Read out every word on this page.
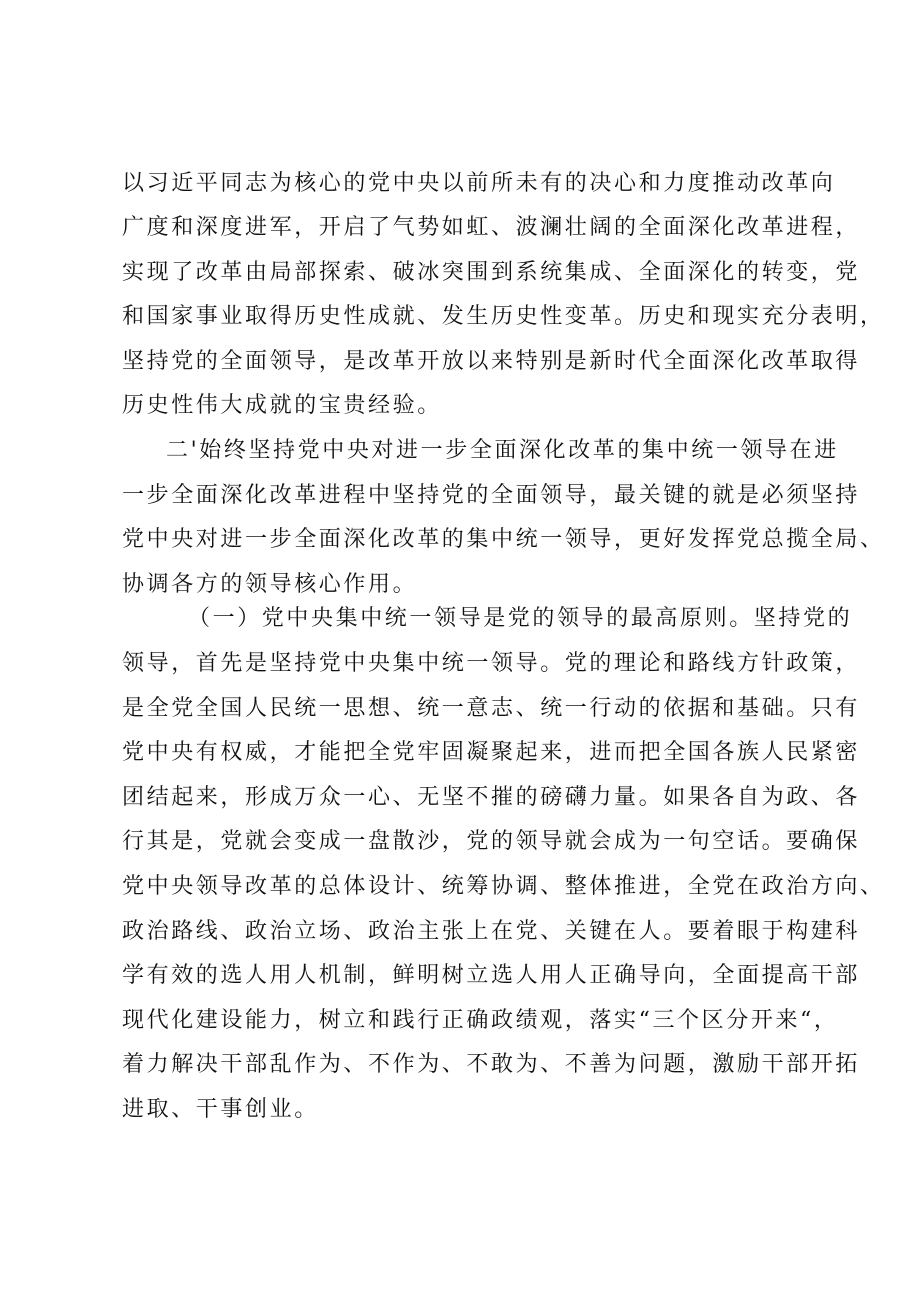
以习近平同志为核心的党中央以前所未有的决心和力度推动改革向
广度和深度进军，开启了气势如虹、波澜壮阔的全面深化改革进程，
实现了改革由局部探索、破冰突围到系统集成、全面深化的转变，党
和国家事业取得历史性成就、发生历史性变革。历史和现实充分表明，
坚持党的全面领导，是改革开放以来特别是新时代全面深化改革取得
历史性伟大成就的宝贵经验。
二'始终坚持党中央对进一步全面深化改革的集中统一领导在进
一步全面深化改革进程中坚持党的全面领导，最关键的就是必须坚持
党中央对进一步全面深化改革的集中统一领导，更好发挥党总揽全局、
协调各方的领导核心作用。
（一）党中央集中统一领导是党的领导的最高原则。坚持党的
领导，首先是坚持党中央集中统一领导。党的理论和路线方针政策，
是全党全国人民统一思想、统一意志、统一行动的依据和基础。只有
党中央有权威，才能把全党牢固凝聚起来，进而把全国各族人民紧密
团结起来，形成万众一心、无坚不摧的磅礴力量。如果各自为政、各
行其是，党就会变成一盘散沙，党的领导就会成为一句空话。要确保
党中央领导改革的总体设计、统筹协调、整体推进，全党在政治方向、
政治路线、政治立场、政治主张上在党、关键在人。要着眼于构建科
学有效的选人用人机制，鲜明树立选人用人正确导向，全面提高干部
现代化建设能力，树立和践行正确政绩观，落实“三个区分开来“，
着力解决干部乱作为、不作为、不敢为、不善为问题，激励干部开拓
进取、干事创业。
